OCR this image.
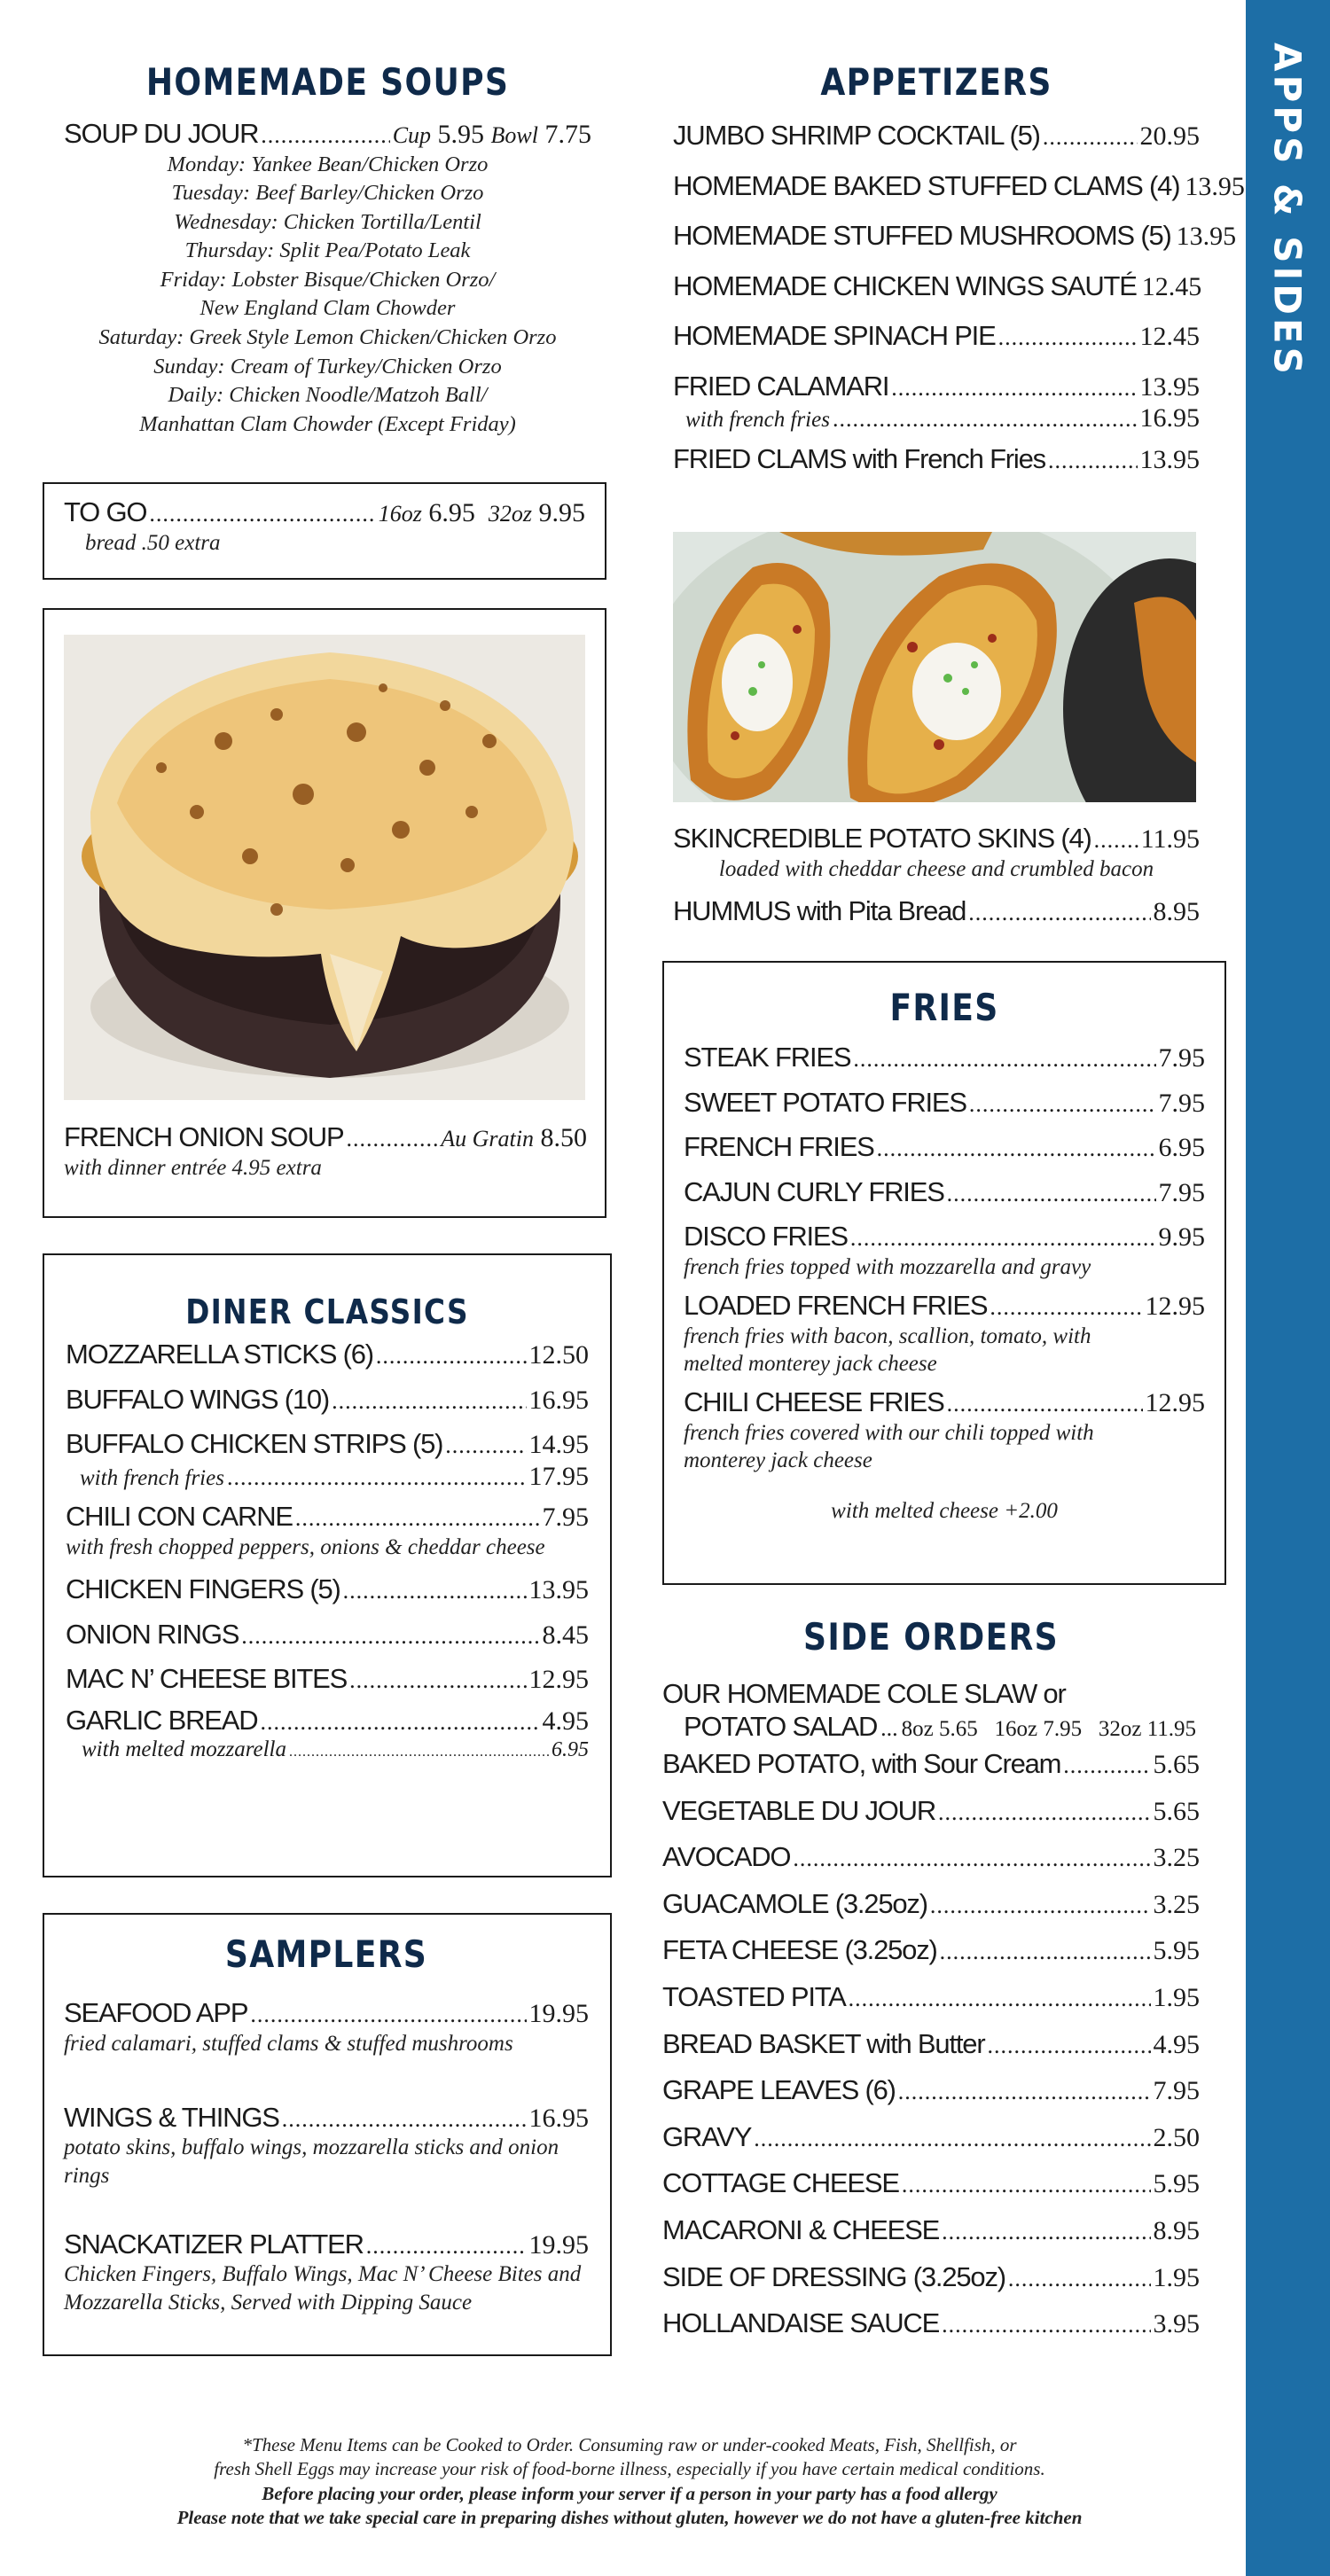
APPS & SIDES
HOMEMADE SOUPS
SOUP DU JOUR .....	Cup 5.95 Bowl 7.75
Monday: Yankee Bean/Chicken Orzo
Tuesday: Beef Barley/Chicken Orzo
Wednesday: Chicken Tortilla/Lentil
Thursday: Split Pea/Potato Leak
Friday: Lobster Bisque/Chicken Orzo/
New England Clam Chowder
Saturday: Greek Style Lemon Chicken/Chicken Orzo
Sunday: Cream of Turkey/Chicken Orzo
Daily: Chicken Noodle/Matzoh Ball/
Manhattan Clam Chowder (Except Friday)
TO GO .....	16oz 6.95 32oz 9.95
bread .50 extra
FRENCH ONION SOUP .....	Au Gratin 8.50
with dinner entrée 4.95 extra
DINER CLASSICS
MOZZARELLA STICKS (6) .....	12.50
BUFFALO WINGS (10) .....	16.95
BUFFALO CHICKEN STRIPS (5) .....	14.95
with french fries .....	17.95
CHILI CON CARNE .....	7.95
with fresh chopped peppers, onions & cheddar cheese
CHICKEN FINGERS (5) .....	13.95
ONION RINGS .....	8.45
MAC N’ CHEESE BITES .....	12.95
GARLIC BREAD .....	4.95
with melted mozzarella .....	6.95
SAMPLERS
SEAFOOD APP .....	19.95
fried calamari, stuffed clams & stuffed mushrooms
WINGS & THINGS .....	16.95
potato skins, buffalo wings, mozzarella sticks and onion rings
SNACKATIZER PLATTER .....	19.95
Chicken Fingers, Buffalo Wings, Mac N’ Cheese Bites and Mozzarella Sticks, Served with Dipping Sauce
APPETIZERS
JUMBO SHRIMP COCKTAIL (5) .....	20.95
HOMEMADE BAKED STUFFED CLAMS (4) 13.95
HOMEMADE STUFFED MUSHROOMS (5) 13.95
HOMEMADE CHICKEN WINGS SAUTÉ 12.45
HOMEMADE SPINACH PIE .....	12.45
FRIED CALAMARI .....	13.95
with french fries .....	16.95
FRIED CLAMS with French Fries .....	13.95
SKINCREDIBLE POTATO SKINS (4) ..... 11.95
loaded with cheddar cheese and crumbled bacon
HUMMUS with Pita Bread .....	8.95
FRIES
STEAK FRIES .....	7.95
SWEET POTATO FRIES .....	7.95
FRENCH FRIES .....	6.95
CAJUN CURLY FRIES .....	7.95
DISCO FRIES .....	9.95
french fries topped with mozzarella and gravy
LOADED FRENCH FRIES .....	12.95
french fries with bacon, scallion, tomato, with melted monterey jack cheese
CHILI CHEESE FRIES .....	12.95
french fries covered with our chili topped with monterey jack cheese
with melted cheese +2.00
SIDE ORDERS
OUR HOMEMADE COLE SLAW or
POTATO SALAD ... 8oz 5.65   16oz 7.95   32oz 11.95
BAKED POTATO, with Sour Cream .....	5.65
VEGETABLE DU JOUR .....	5.65
AVOCADO .....	3.25
GUACAMOLE (3.25oz) .....	3.25
FETA CHEESE (3.25oz) .....	5.95
TOASTED PITA .....	1.95
BREAD BASKET with Butter .....	4.95
GRAPE LEAVES (6) .....	7.95
GRAVY .....	2.50
COTTAGE CHEESE .....	5.95
MACARONI & CHEESE .....	8.95
SIDE OF DRESSING (3.25oz) .....	1.95
HOLLANDAISE SAUCE .....	3.95
*These Menu Items can be Cooked to Order. Consuming raw or under-cooked Meats, Fish, Shellfish, or
fresh Shell Eggs may increase your risk of food-borne illness, especially if you have certain medical conditions.
Before placing your order, please inform your server if a person in your party has a food allergy
Please note that we take special care in preparing dishes without gluten, however we do not have a gluten-free kitchen
